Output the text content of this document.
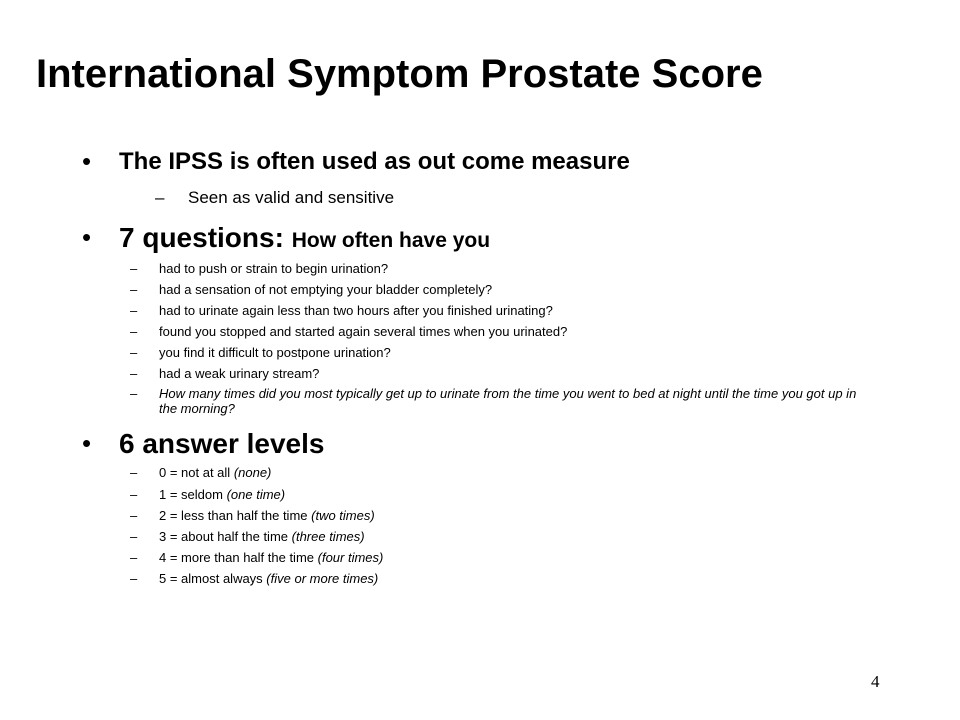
International Symptom Prostate Score
• The IPSS is often used as out come measure
– Seen as valid and sensitive
• 7 questions: How often have you
– had to push or strain to begin urination?
– had a sensation of not emptying your bladder completely?
– had to urinate again less than two hours after you finished urinating?
– found you stopped and started again several times when you urinated?
– you find it difficult to postpone urination?
– had a weak urinary stream?
– How many times did you most typically get up to urinate from the time you went to bed at night until the time you got up in the morning?
• 6 answer levels
– 0 = not at all (none)
– 1 = seldom (one time)
– 2 = less than half the time (two times)
– 3 = about half the time (three times)
– 4 = more than half the time (four times)
– 5 = almost always (five or more times)
4
